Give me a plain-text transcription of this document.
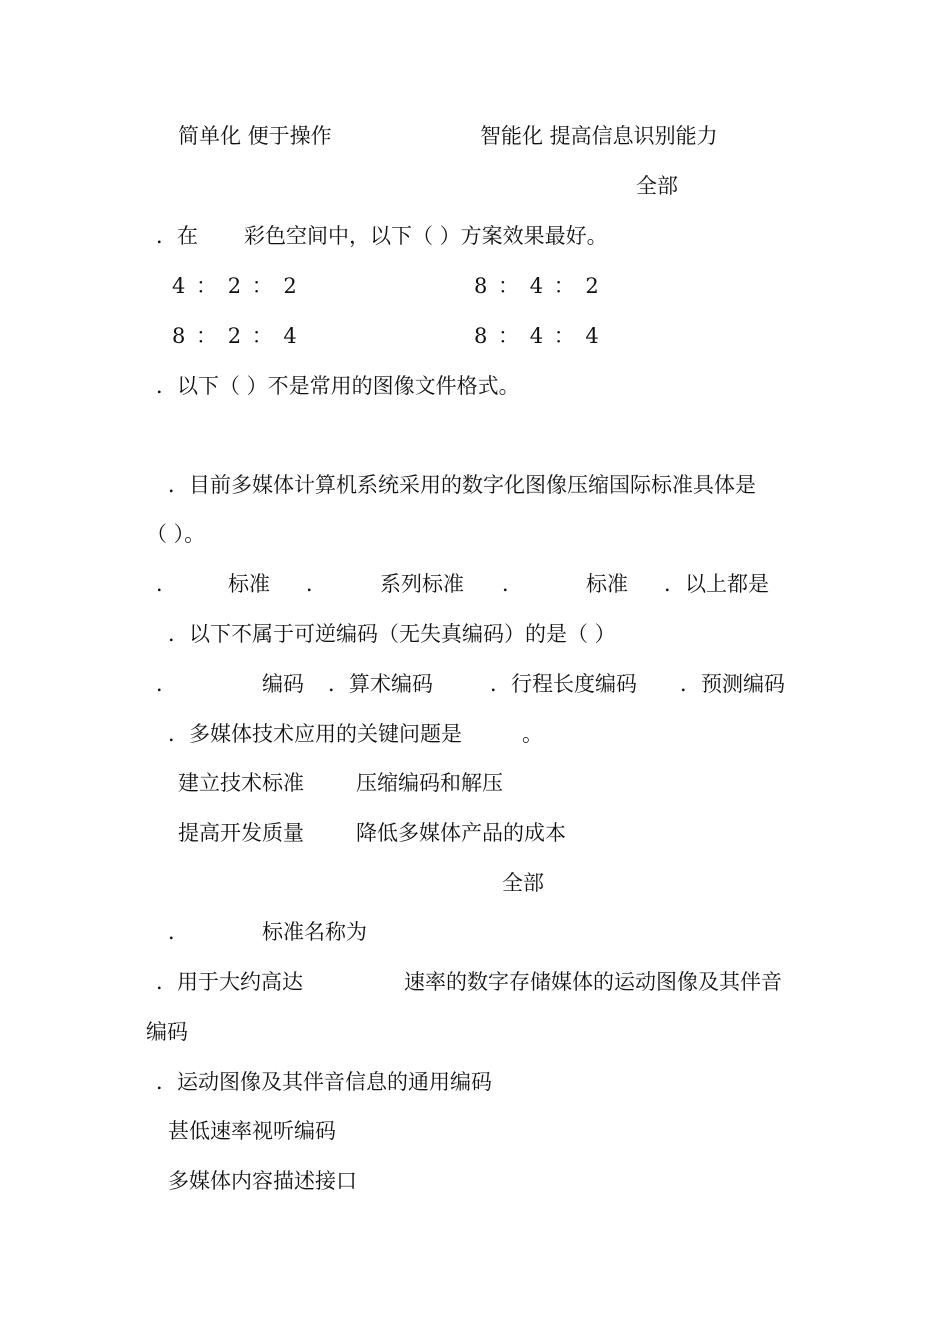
简单化 便于操作	智能化 提高信息识别能力
全部
．在 彩色空间中，以下（ ）方案效果最好。
4 ： 2 ： 2	8 ： 4 ： 2
8 ： 2 ： 4	8 ： 4 ： 4
．以下（ ）不是常用的图像文件格式。
．目前多媒体计算机系统采用的数字化图像压缩国际标准具体是
（ ）。
． 标准 ．	系列标准 ．	标准 ．以上都是
．以下不属于可逆编码（无失真编码）的是（ ）
．	编码 ．算术编码	．行程长度编码 ．预测编码
．多媒体技术应用的关键问题是	。
建立技术标准 压缩编码和解压
提高开发质量 降低多媒体产品的成本
全部
．	标准名称为
．用于大约高达	速率的数字存储媒体的运动图像及其伴音
编码
．运动图像及其伴音信息的通用编码
甚低速率视听编码
多媒体内容描述接口
